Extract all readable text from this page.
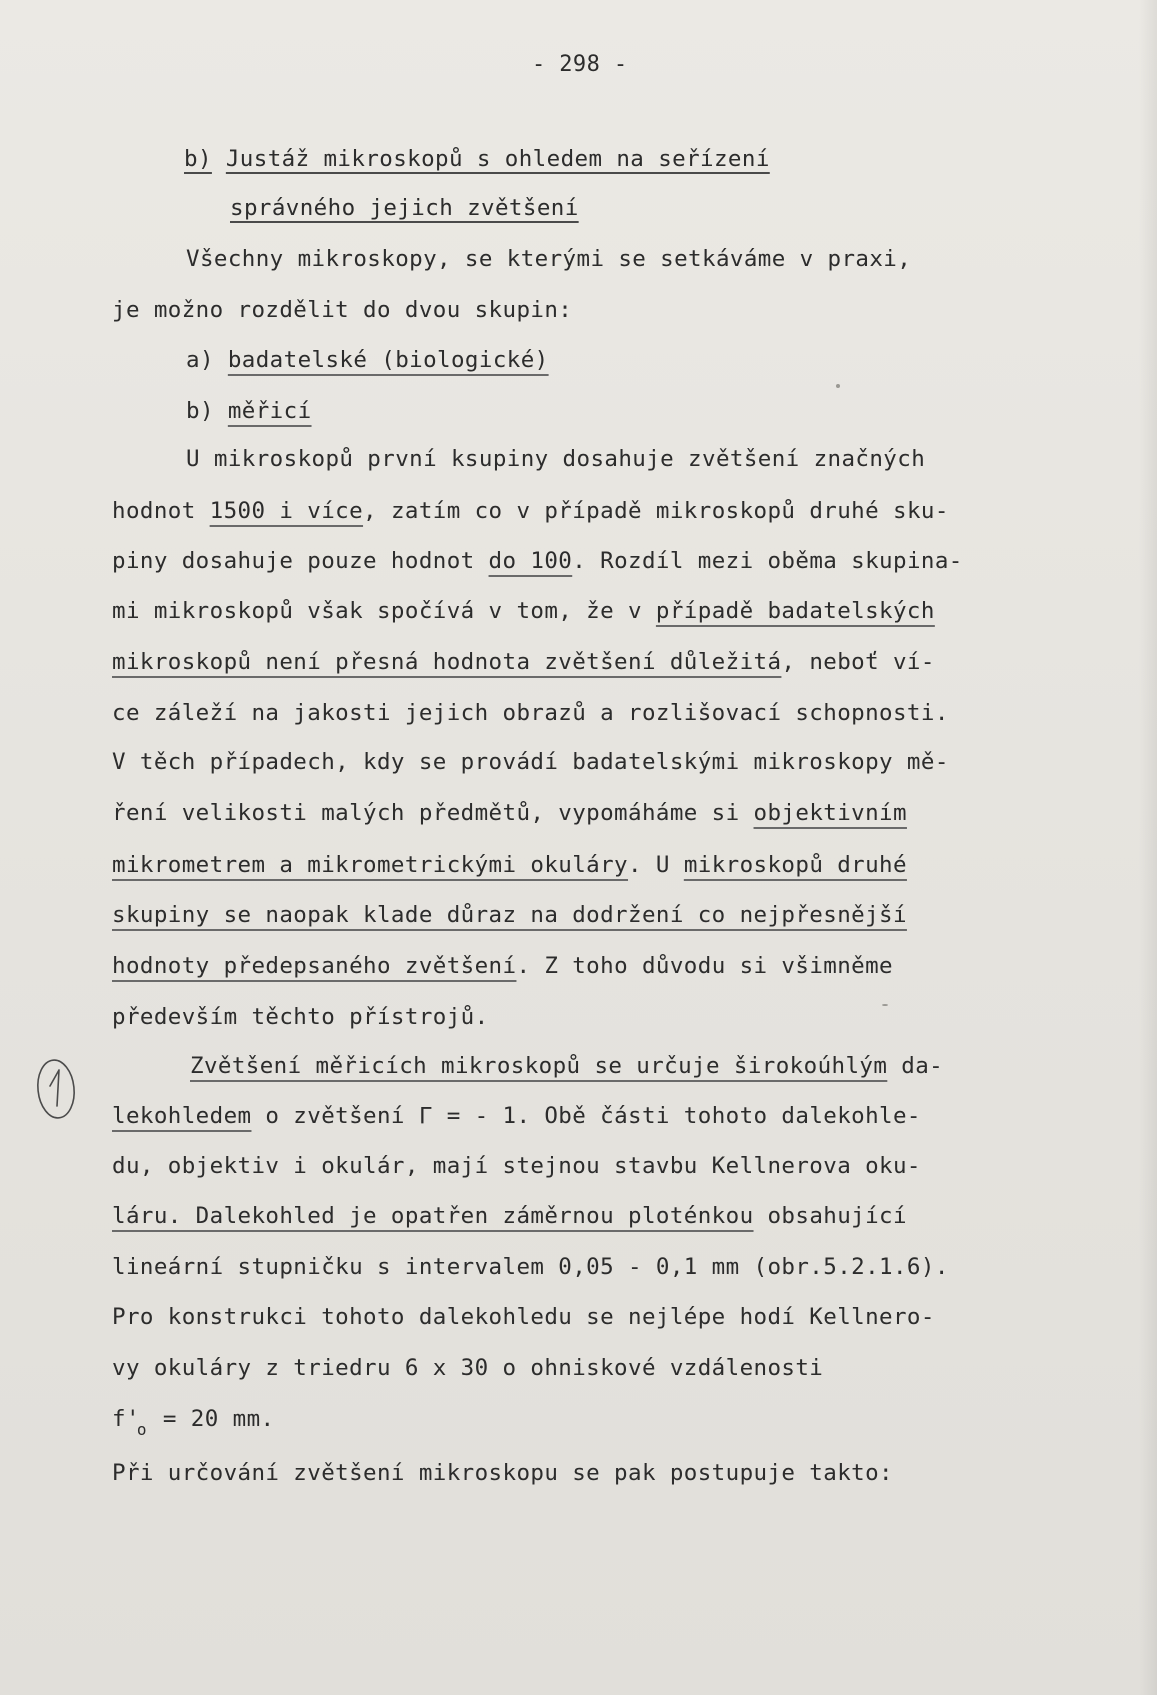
- 298 -
b) Justáž mikroskopů s ohledem na seřízení
správného jejich zvětšení
Všechny mikroskopy, se kterými se setkáváme v praxi,
je možno rozdělit do dvou skupin:
a) badatelské (biologické)
b) měřicí
U mikroskopů první ksupiny dosahuje zvětšení značných
hodnot 1500 i více, zatím co v případě mikroskopů druhé sku-
piny dosahuje pouze hodnot do 100. Rozdíl mezi oběma skupina-
mi mikroskopů však spočívá v tom, že v případě badatelských
mikroskopů není přesná hodnota zvětšení důležitá, neboť ví-
ce záleží na jakosti jejich obrazů a rozlišovací schopnosti.
V těch případech, kdy se provádí badatelskými mikroskopy mě-
ření velikosti malých předmětů, vypomáháme si objektivním
mikrometrem a mikrometrickými okuláry. U mikroskopů druhé
skupiny se naopak klade důraz na dodržení co nejpřesnější
hodnoty předepsaného zvětšení. Z toho důvodu si všimněme
především těchto přístrojů.
Zvětšení měřicích mikroskopů se určuje širokoúhlým da-
lekohledem o zvětšení Γ = - 1. Obě části tohoto dalekohle-
du, objektiv i okulár, mají stejnou stavbu Kellnerova oku-
láru. Dalekohled je opatřen záměrnou ploténkou obsahující
lineární stupničku s intervalem 0,05 - 0,1 mm (obr.5.2.1.6).
Pro konstrukci tohoto dalekohledu se nejlépe hodí Kellnero-
vy okuláry z triedru 6 x 30 o ohniskové vzdálenosti
f'o = 20 mm.
Při určování zvětšení mikroskopu se pak postupuje takto:
